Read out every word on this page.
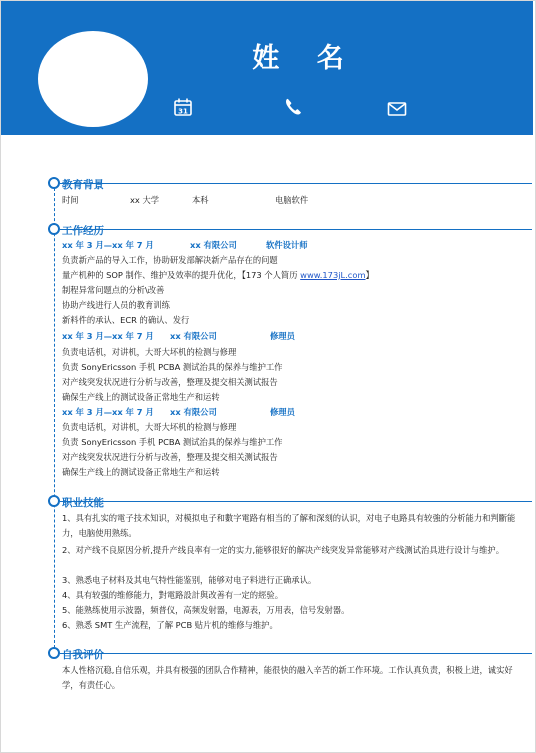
姓 名
31
教育背景
时间	xx 大学	本科	电脑软件
工作经历
xx 年 3 月—xx 年 7 月	xx 有限公司	软件设计师
负责新产品的导入工作，协助研发部解决新产品存在的问题
量产机种的 SOP 制作、维护及效率的提升优化，【173 个人简历 www.173jL.com】
制程异常问题点的分析\改善
协助产线进行人员的教育训练
新料件的承认、ECR 的确认、发行
xx 年 3 月—xx 年 7 月 xx 有限公司	修理员
负责电话机，对讲机，大哥大坏机的检测与修理
负责 SonyEricsson 手机 PCBA 测试治具的保养与维护工作
对产线突发状况进行分析与改善，整理及提交相关测试报告
确保生产线上的测试设备正常地生产和运转
xx 年 3 月—xx 年 7 月 xx 有限公司	修理员
负责电话机，对讲机，大哥大坏机的检测与修理
负责 SonyEricsson 手机 PCBA 测试治具的保养与维护工作
对产线突发状况进行分析与改善，整理及提交相关测试报告
确保生产线上的测试设备正常地生产和运转
职业技能
1、具有扎实的電子技术知识，对模拟电子和數字電路有相当的了解和深刻的认识，对电子电路具有较強的分析能力和判斷能力，电脑使用熟练。
2、对产线不良原因分析,提升产线良率有一定的实力,能够很好的解决产线突发异常能够对产线测试治具进行设计与维护。
3、熟悉电子材料及其电气特性能鉴别，能够对电子料进行正确承认。
4、具有较强的维修能力，對電路設計與改善有一定的經验。
5、能熟练使用示波器，频普仪，高频发射器，电源表，万用表，信号发射器。
6、熟悉 SMT 生产流程，了解 PCB 贴片机的维修与维护。
自我评价
本人性格沉稳,自信乐观，并具有极强的团队合作精神，能很快的融入辛苦的新工作环境。工作认真负责，积极上进，诚实好学，有责任心。
